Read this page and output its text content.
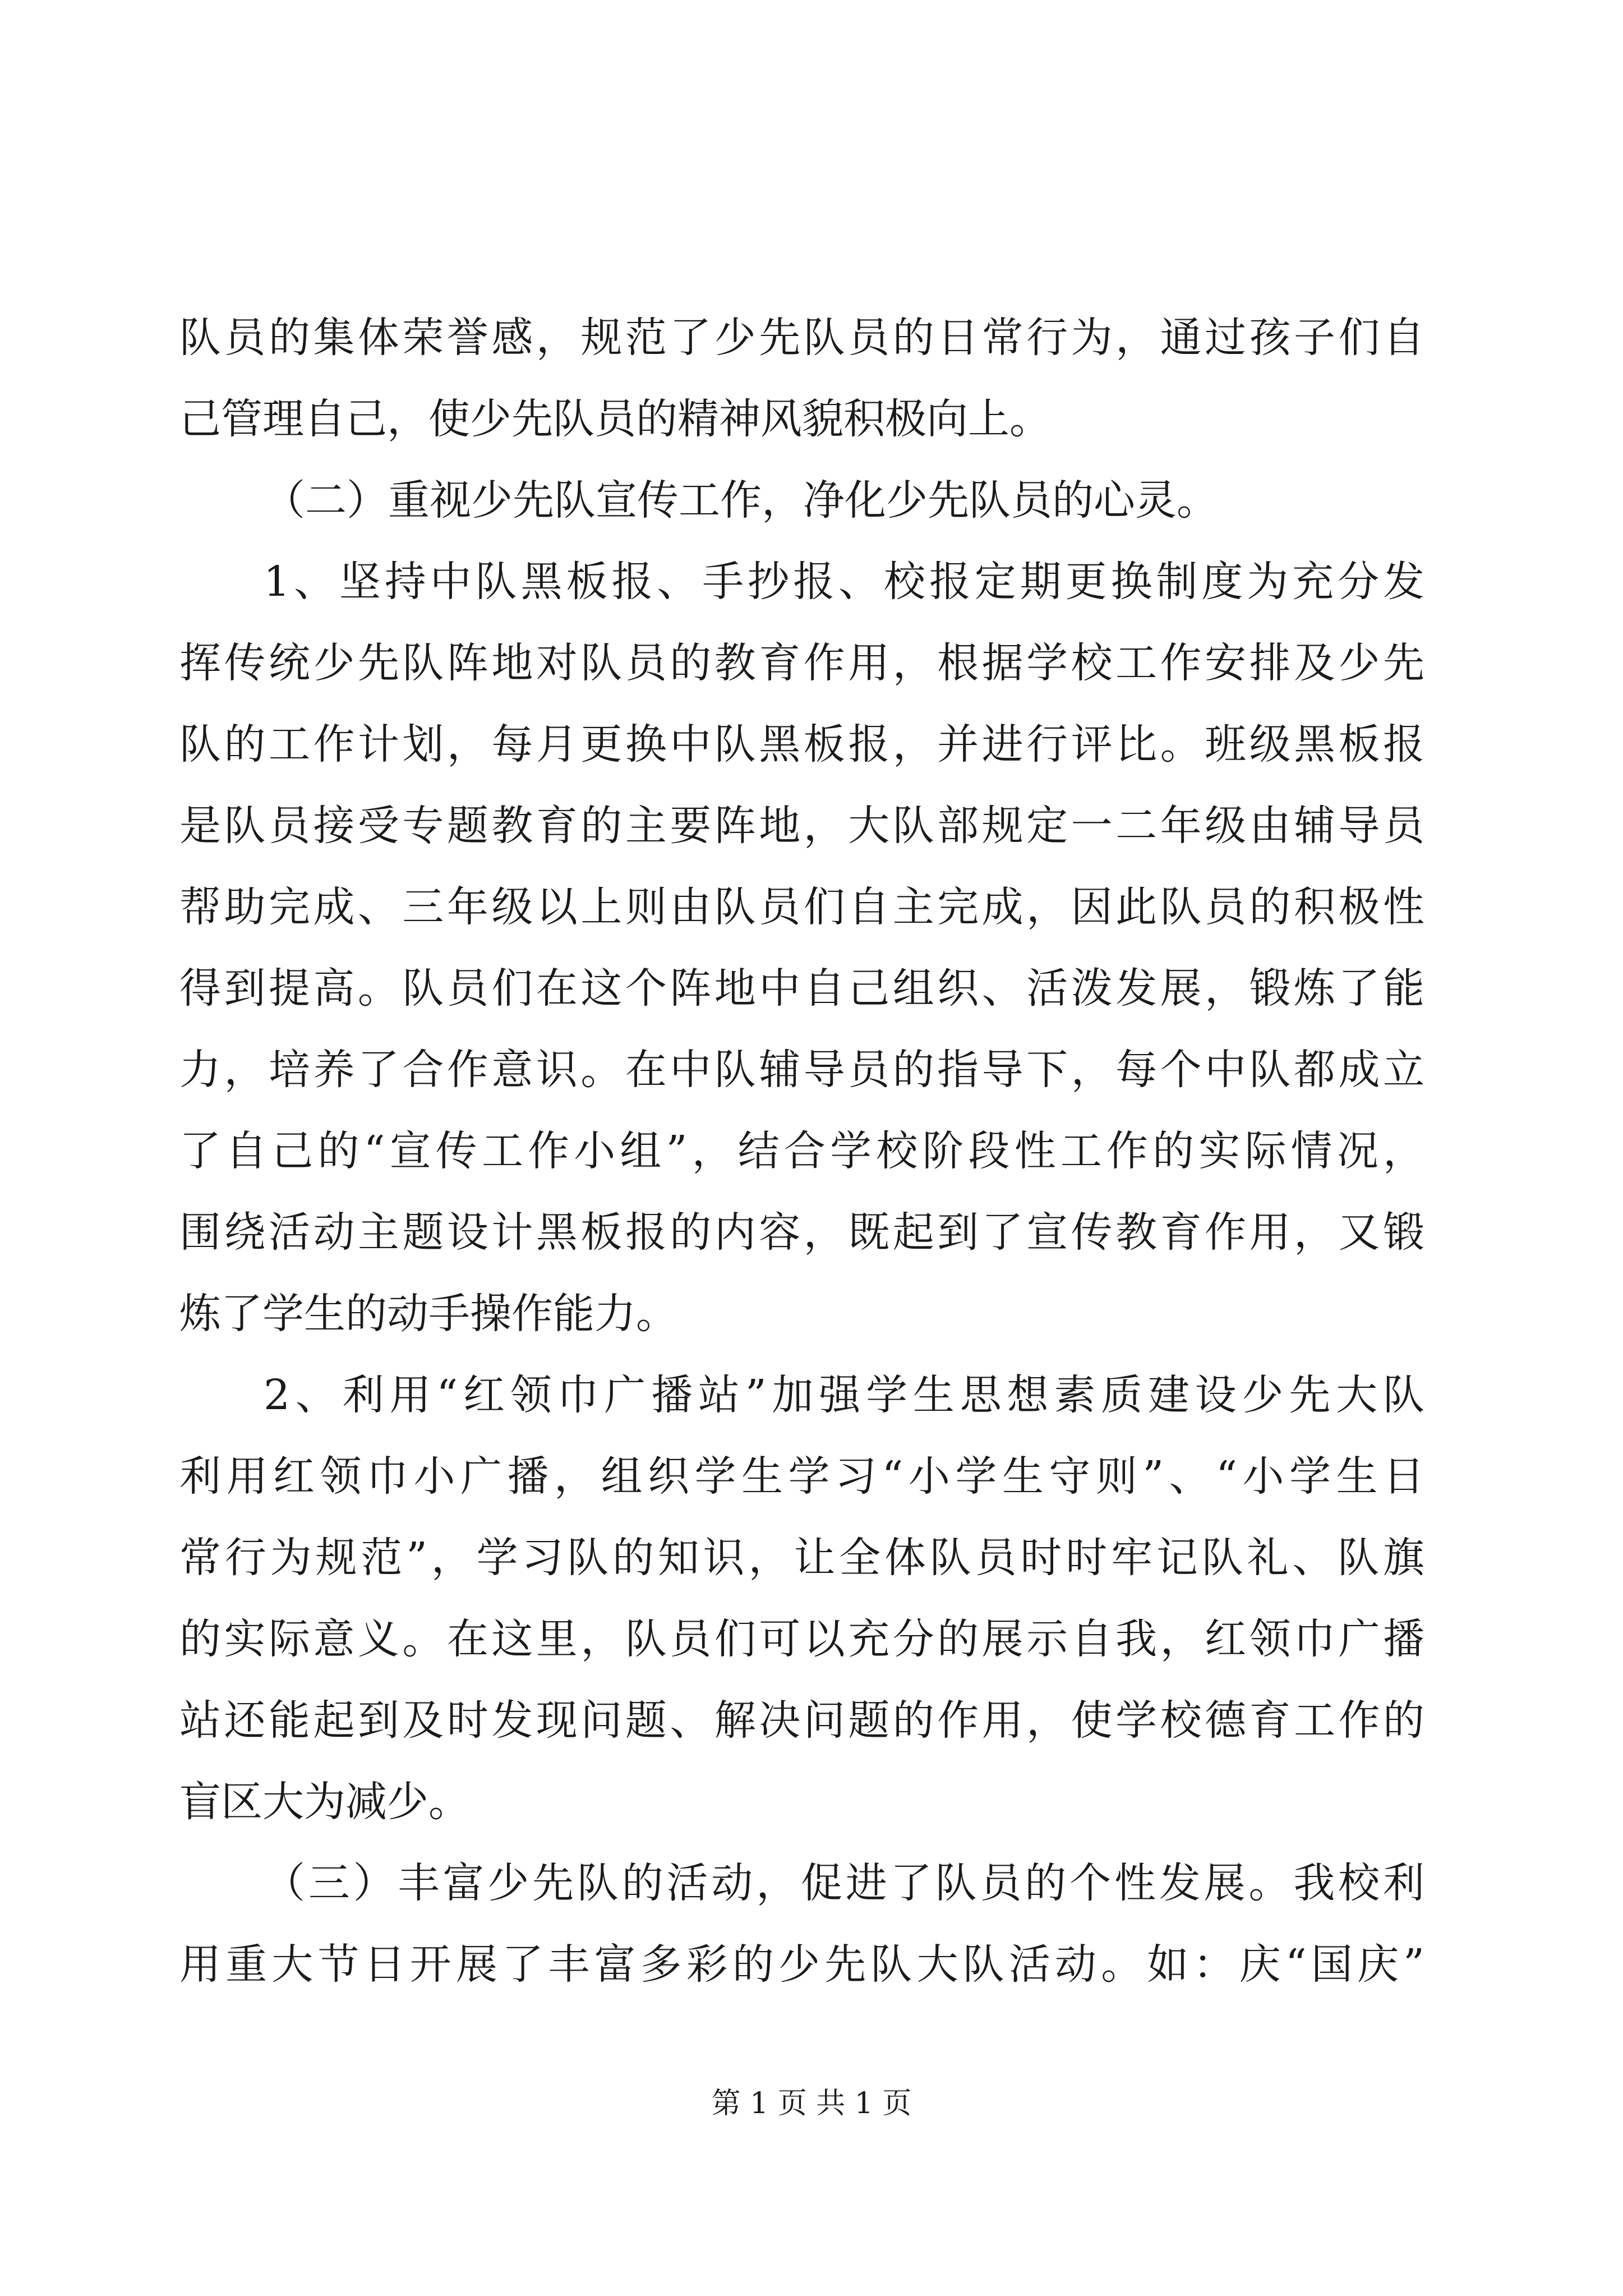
队员的集体荣誉感，规范了少先队员的日常行为，通过孩子们自
己管理自己，使少先队员的精神风貌积极向上。
（二）重视少先队宣传工作，净化少先队员的心灵。
1、坚持中队黑板报、手抄报、校报定期更换制度为充分发
挥传统少先队阵地对队员的教育作用，根据学校工作安排及少先
队的工作计划，每月更换中队黑板报，并进行评比。班级黑板报
是队员接受专题教育的主要阵地，大队部规定一二年级由辅导员
帮助完成、三年级以上则由队员们自主完成，因此队员的积极性
得到提高。队员们在这个阵地中自己组织、活泼发展，锻炼了能
力，培养了合作意识。在中队辅导员的指导下，每个中队都成立
了自己的“宣传工作小组”，结合学校阶段性工作的实际情况，
围绕活动主题设计黑板报的内容，既起到了宣传教育作用，又锻
炼了学生的动手操作能力。
2、利用“红领巾广播站”加强学生思想素质建设少先大队
利用红领巾小广播，组织学生学习“小学生守则”、“小学生日
常行为规范”，学习队的知识，让全体队员时时牢记队礼、队旗
的实际意义。在这里，队员们可以充分的展示自我，红领巾广播
站还能起到及时发现问题、解决问题的作用，使学校德育工作的
盲区大为减少。
（三）丰富少先队的活动，促进了队员的个性发展。我校利
用重大节日开展了丰富多彩的少先队大队活动。如：庆“国庆”
第 1 页 共 1 页
